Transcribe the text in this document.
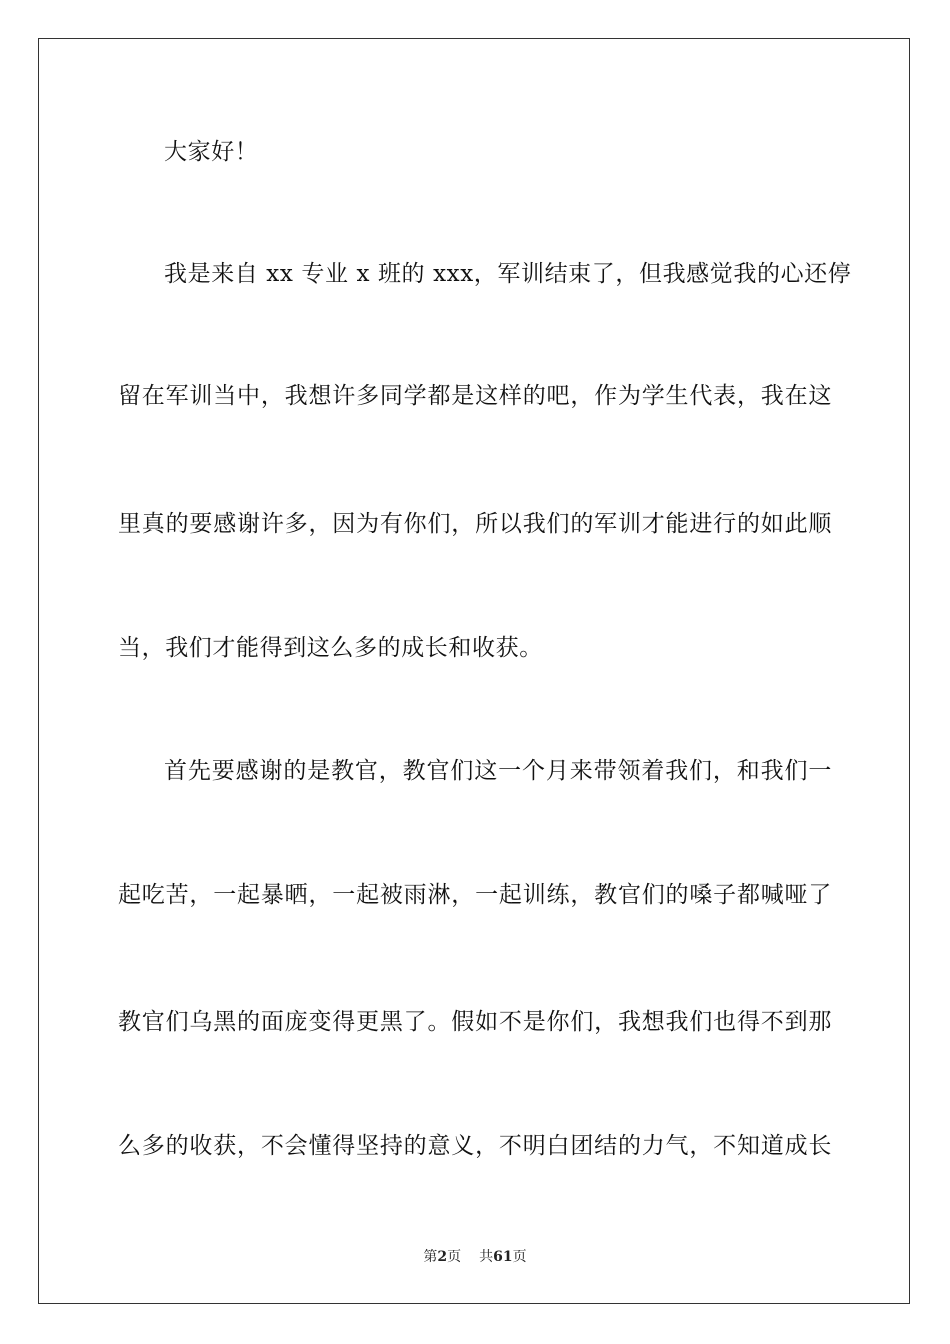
大家好！
我是来自 xx 专业 x 班的 xxx，军训结束了，但我感觉我的心还停
留在军训当中，我想许多同学都是这样的吧，作为学生代表，我在这
里真的要感谢许多，因为有你们，所以我们的军训才能进行的如此顺
当，我们才能得到这么多的成长和收获。
首先要感谢的是教官，教官们这一个月来带领着我们，和我们一
起吃苦，一起暴晒，一起被雨淋，一起训练，教官们的嗓子都喊哑了
教官们乌黑的面庞变得更黑了。假如不是你们，我想我们也得不到那
么多的收获，不会懂得坚持的意义，不明白团结的力气，不知道成长
第2页 共61页
